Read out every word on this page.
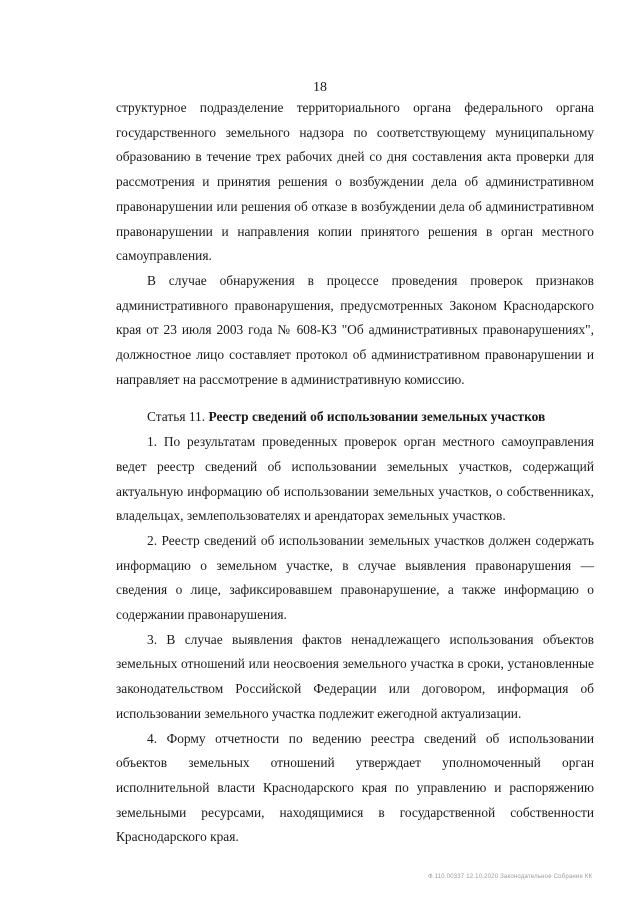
18

структурное подразделение территориального органа федерального органа государственного земельного надзора по соответствующему муниципальному образованию в течение трех рабочих дней со дня составления акта проверки для рассмотрения и принятия решения о возбуждении дела об административном правонарушении или решения об отказе в возбуждении дела об административном правонарушении и направления копии принятого решения в орган местного самоуправления.

В случае обнаружения в процессе проведения проверок признаков административного правонарушения, предусмотренных Законом Краснодарского края от 23 июля 2003 года № 608-КЗ "Об административных правонарушениях", должностное лицо составляет протокол об административном правонарушении и направляет на рассмотрение в административную комиссию.

Статья 11. Реестр сведений об использовании земельных участков

1. По результатам проведенных проверок орган местного самоуправления ведет реестр сведений об использовании земельных участков, содержащий актуальную информацию об использовании земельных участков, о собственниках, владельцах, землепользователях и арендаторах земельных участков.

2. Реестр сведений об использовании земельных участков должен содержать информацию о земельном участке, в случае выявления правонарушения — сведения о лице, зафиксировавшем правонарушение, а также информацию о содержании правонарушения.

3. В случае выявления фактов ненадлежащего использования объектов земельных отношений или неосвоения земельного участка в сроки, установленные законодательством Российской Федерации или договором, информация об использовании земельного участка подлежит ежегодной актуализации.

4. Форму отчетности по ведению реестра сведений об использовании объектов земельных отношений утверждает уполномоченный орган исполнительной власти Краснодарского края по управлению и распоряжению земельными ресурсами, находящимися в государственной собственности Краснодарского края.

Ф.110.00337 12.10.2020 Законодательное Собрание КК
